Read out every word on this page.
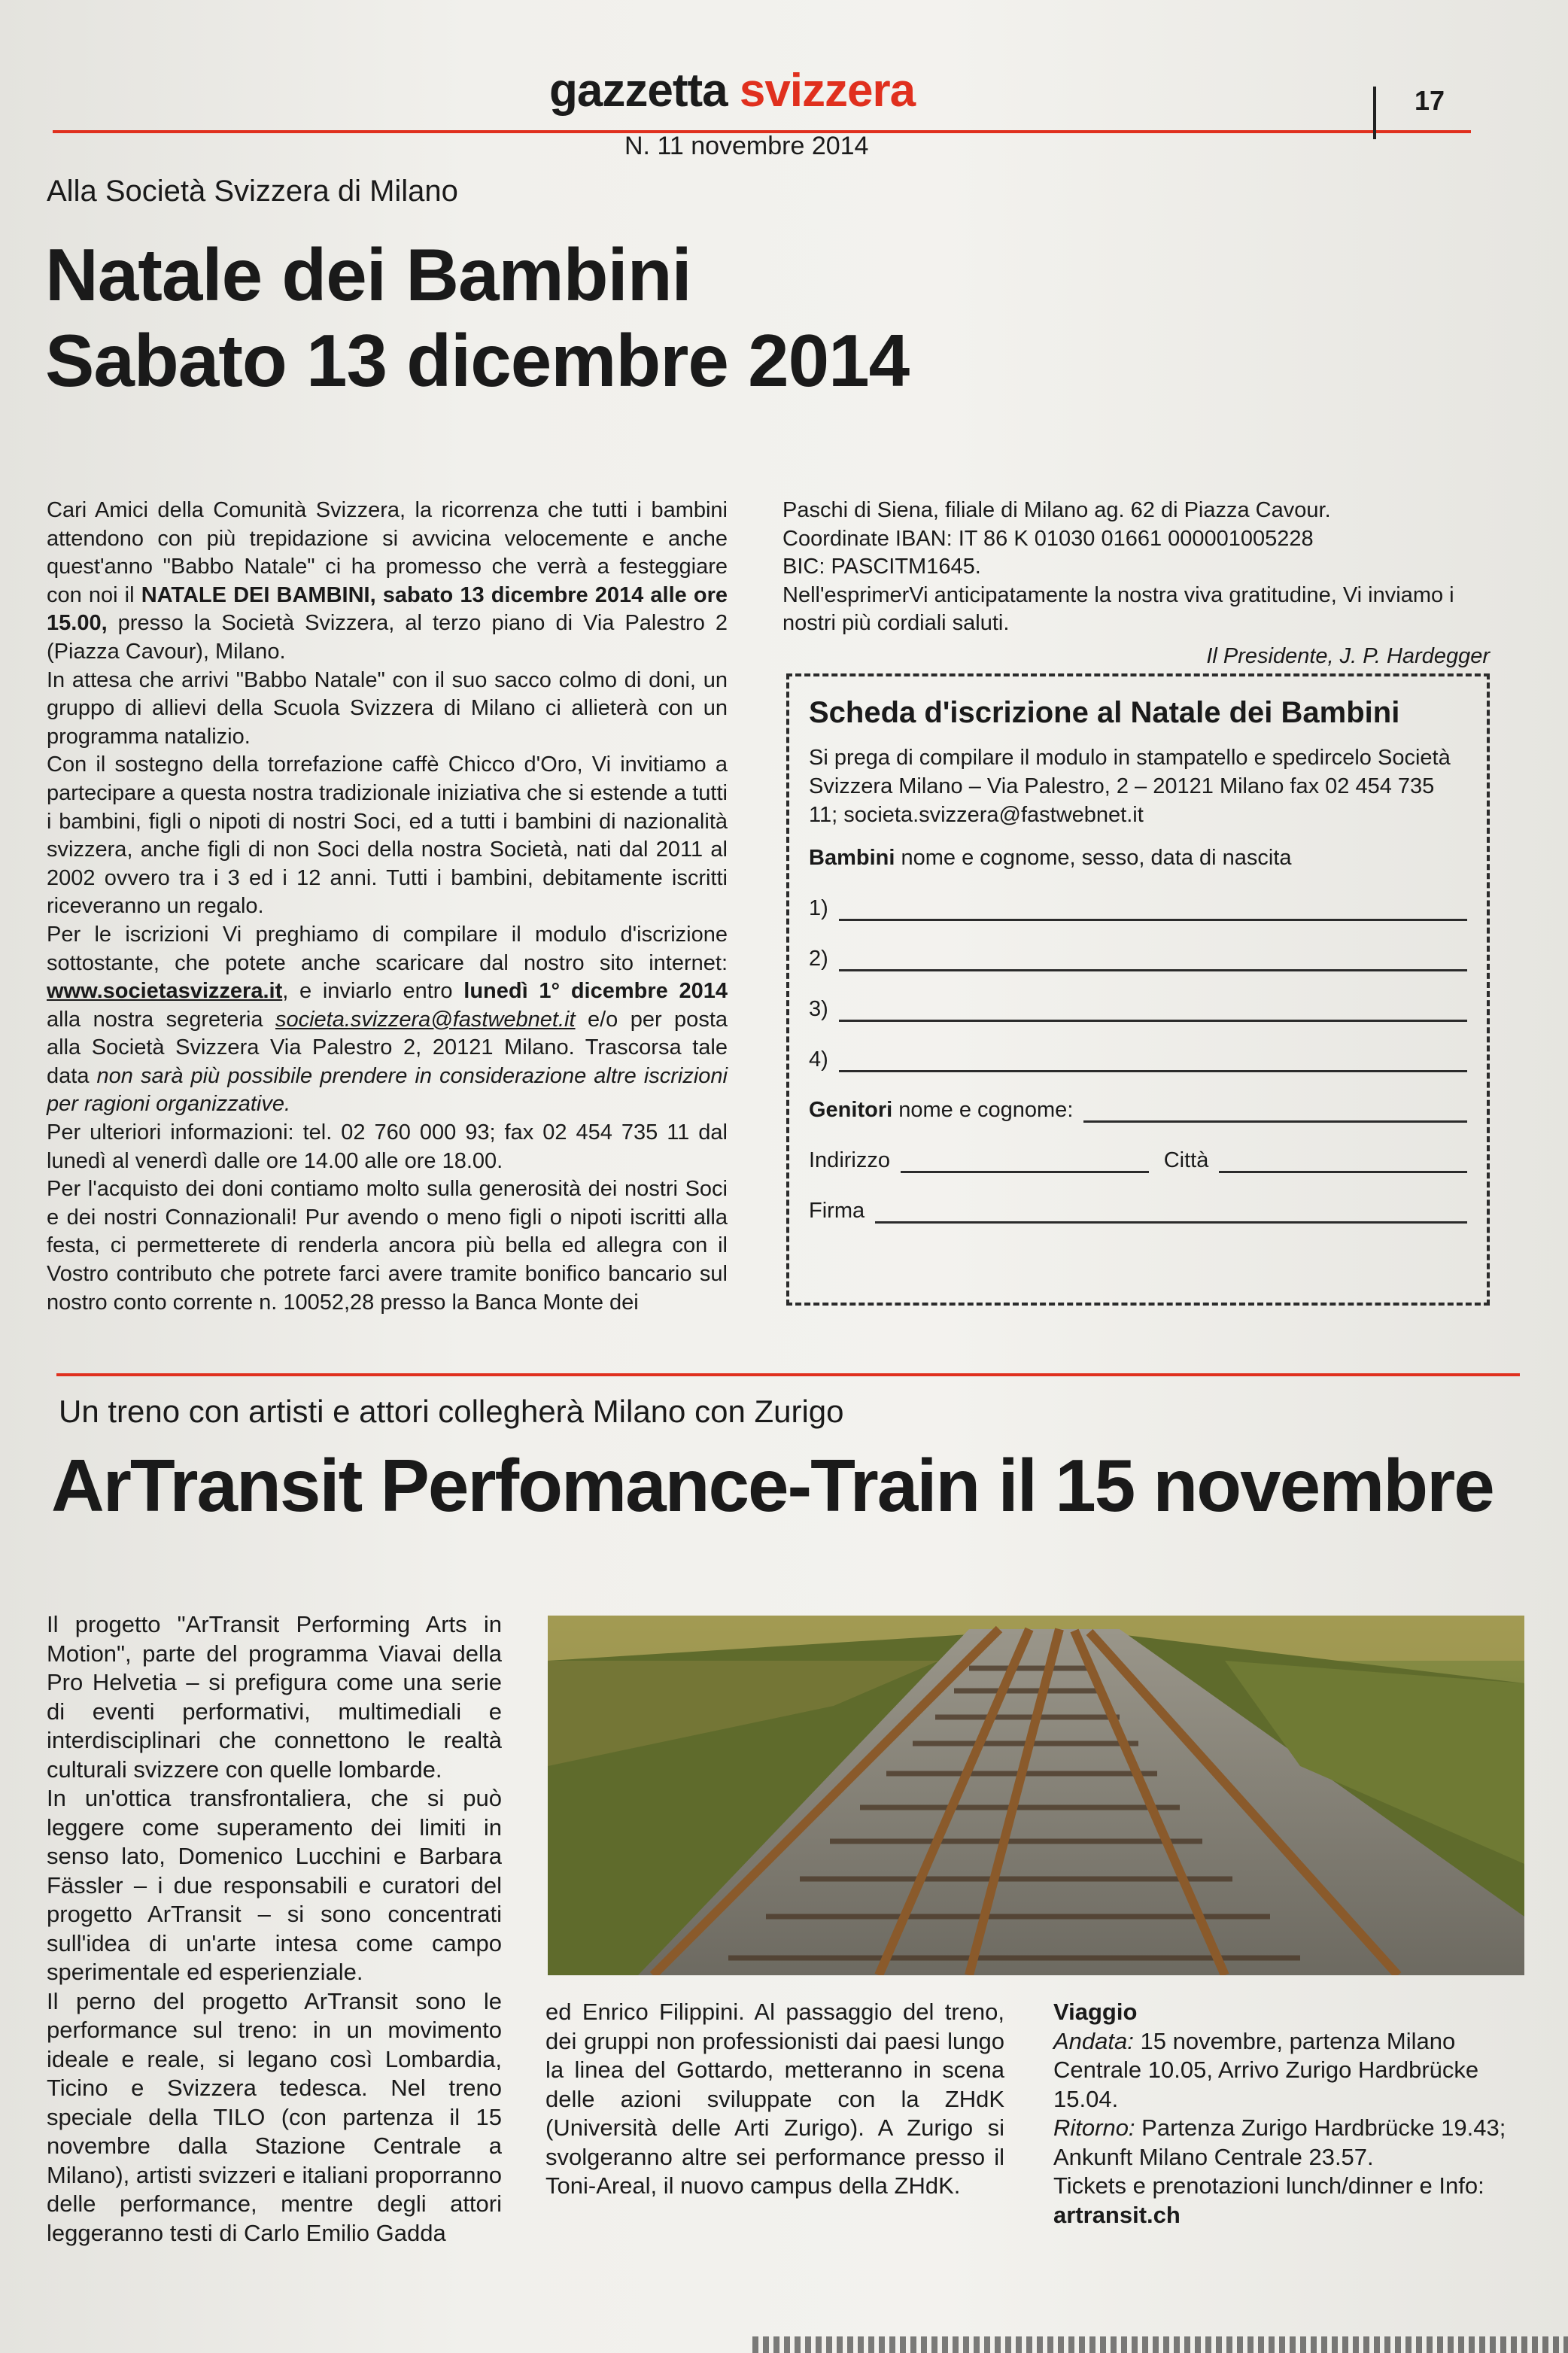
gazzetta svizzera	17
N. 11 novembre 2014
Alla Società Svizzera di Milano
Natale dei Bambini
Sabato 13 dicembre 2014

Cari Amici della Comunità Svizzera, la ricorrenza che tutti i bambini attendono con più trepidazione si avvicina velocemente e anche quest'anno "Babbo Natale" ci ha promesso che verrà a festeggiare con noi il NATALE DEI BAMBINI, sabato 13 dicembre 2014 alle ore 15.00, presso la Società Svizzera, al terzo piano di Via Palestro 2 (Piazza Cavour), Milano.

In attesa che arrivi "Babbo Natale" con il suo sacco colmo di doni, un gruppo di allievi della Scuola Svizzera di Milano ci allieterà con un programma natalizio.

Con il sostegno della torrefazione caffè Chicco d'Oro, Vi invitiamo a partecipare a questa nostra tradizionale iniziativa che si estende a tutti i bambini, figli o nipoti di nostri Soci, ed a tutti i bambini di nazionalità svizzera, anche figli di non Soci della nostra Società, nati dal 2011 al 2002 ovvero tra i 3 ed i 12 anni. Tutti i bambini, debitamente iscritti riceveranno un regalo.

Per le iscrizioni Vi preghiamo di compilare il modulo d'iscrizione sottostante, che potete anche scaricare dal nostro sito internet: www.societasvizzera.it, e inviarlo entro lunedì 1° dicembre 2014 alla nostra segreteria societa.svizzera@fastwebnet.it e/o per posta alla Società Svizzera Via Palestro 2, 20121 Milano. Trascorsa tale data non sarà più possibile prendere in considerazione altre iscrizioni per ragioni organizzative.

Per ulteriori informazioni: tel. 02 760 000 93; fax 02 454 735 11 dal lunedì al venerdì dalle ore 14.00 alle ore 18.00.

Per l'acquisto dei doni contiamo molto sulla generosità dei nostri Soci e dei nostri Connazionali! Pur avendo o meno figli o nipoti iscritti alla festa, ci permetterete di renderla ancora più bella ed allegra con il Vostro contributo che potrete farci avere tramite bonifico bancario sul nostro conto corrente n. 10052,28 presso la Banca Monte dei

Paschi di Siena, filiale di Milano ag. 62 di Piazza Cavour.

Coordinate IBAN: IT 86 K 01030 01661 000001005228

BIC: PASCITM1645.

Nell'esprimerVi anticipatamente la nostra viva gratitudine, Vi inviamo i nostri più cordiali saluti.

Il Presidente, J. P. Hardegger

Scheda d'iscrizione al Natale dei Bambini

Si prega di compilare il modulo in stampatello e spedircelo Società Svizzera Milano – Via Palestro, 2 – 20121 Milano fax 02 454 735 11; societa.svizzera@fastwebnet.it

Bambini nome e cognome, sesso, data di nascita
1)
2)
3)
4)
Genitori nome e cognome:
Indirizzo	Città
Firma
Un treno con artisti e attori collegherà Milano con Zurigo
ArTransit Perfomance-Train il 15 novembre

Il progetto "ArTransit Performing Arts in Motion", parte del programma Viavai della Pro Helvetia – si prefigura come una serie di eventi performativi, multimediali e interdisciplinari che connettono le realtà culturali svizzere con quelle lombarde.

In un'ottica transfrontaliera, che si può leggere come superamento dei limiti in senso lato, Domenico Lucchini e Barbara Fässler – i due responsabili e curatori del progetto ArTransit – si sono concentrati sull'idea di un'arte intesa come campo sperimentale ed esperienziale.

Il perno del progetto ArTransit sono le performance sul treno: in un movimento ideale e reale, si legano così Lombardia, Ticino e Svizzera tedesca. Nel treno speciale della TILO (con partenza il 15 novembre dalla Stazione Centrale a Milano), artisti svizzeri e italiani proporranno delle performance, mentre degli attori leggeranno testi di Carlo Emilio Gadda

ed Enrico Filippini. Al passaggio del treno, dei gruppi non professionisti dai paesi lungo la linea del Gottardo, metteranno in scena delle azioni sviluppate con la ZHdK (Università delle Arti Zurigo). A Zurigo si svolgeranno altre sei performance presso il Toni-Areal, il nuovo campus della ZHdK.

Viaggio

Andata: 15 novembre, partenza Milano Centrale 10.05, Arrivo Zurigo Hardbrücke 15.04.

Ritorno: Partenza Zurigo Hardbrücke 19.43; Ankunft Milano Centrale 23.57.

Tickets e prenotazioni lunch/dinner e Info:

artransit.ch
